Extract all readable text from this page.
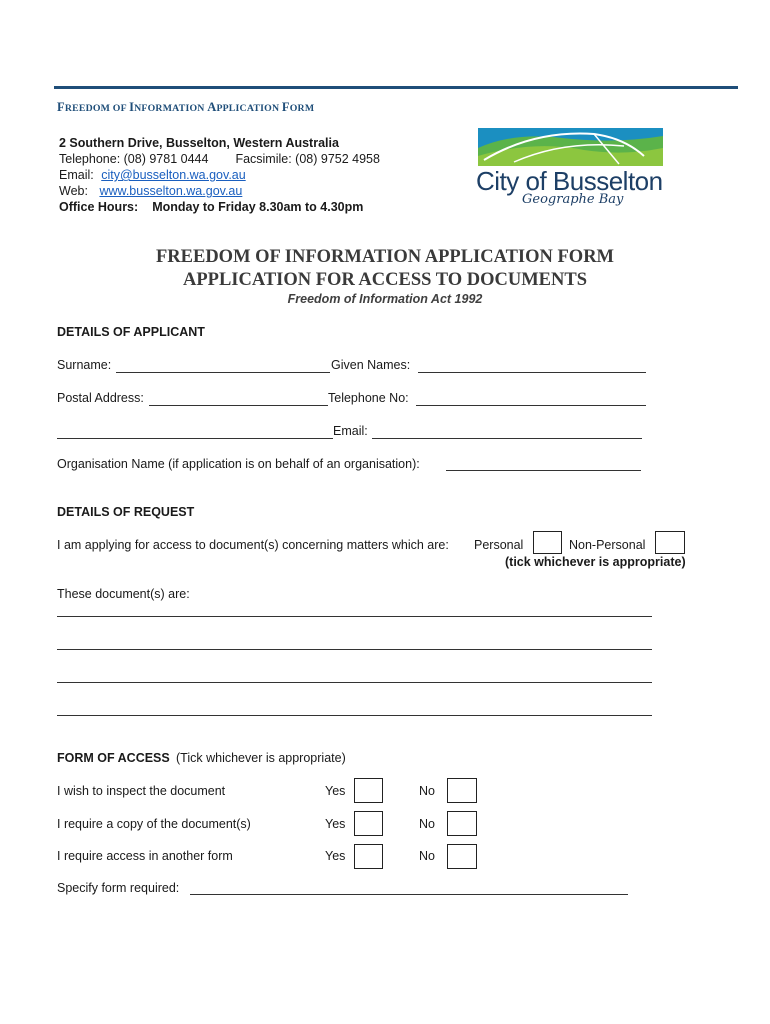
FREEDOM OF INFORMATION APPLICATION FORM
2 Southern Drive, Busselton, Western Australia
Telephone: (08) 9781 0444 Facsimile: (08) 9752 4958
Email: city@busselton.wa.gov.au
Web: www.busselton.wa.gov.au
Office Hours: Monday to Friday 8.30am to 4.30pm
City of Busselton
Geographe Bay
FREEDOM OF INFORMATION APPLICATION FORM
APPLICATION FOR ACCESS TO DOCUMENTS
Freedom of Information Act 1992
DETAILS OF APPLICANT
Surname:	Given Names:
Postal Address:	Telephone No:
Email:
Organisation Name (if application is on behalf of an organisation):
DETAILS OF REQUEST
I am applying for access to document(s) concerning matters which are: Personal	Non-Personal
(tick whichever is appropriate)
These document(s) are:
FORM OF ACCESS (Tick whichever is appropriate)
I wish to inspect the document	Yes	No
I require a copy of the document(s)	Yes	No
I require access in another form	Yes	No
Specify form required:
